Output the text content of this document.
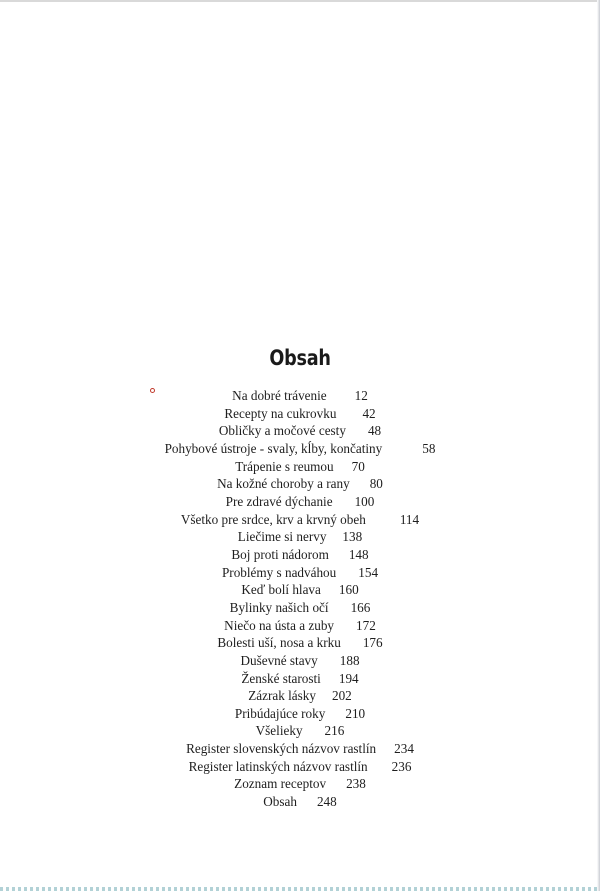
Obsah
Na dobré trávenie 12
Recepty na cukrovku 42
Obličky a močové cesty 48
Pohybové ústroje - svaly, kĺby, končatiny	58
Trápenie s reumou 70
Na kožné choroby a rany 80
Pre zdravé dýchanie 100
Všetko pre srdce, krv a krvný obeh	114
Liečime si nervy 138
Boj proti nádorom 148
Problémy s nadváhou 154
Keď bolí hlava 160
Bylinky našich očí 166
Niečo na ústa a zuby 172
Bolesti uší, nosa a krku 176
Duševné stavy 188
Ženské starosti 194
Zázrak lásky 202
Pribúdajúce roky 210
Všelieky 216
Register slovenských názvov rastlín 234
Register latinských názvov rastlín 236
Zoznam receptov 238
Obsah 248
